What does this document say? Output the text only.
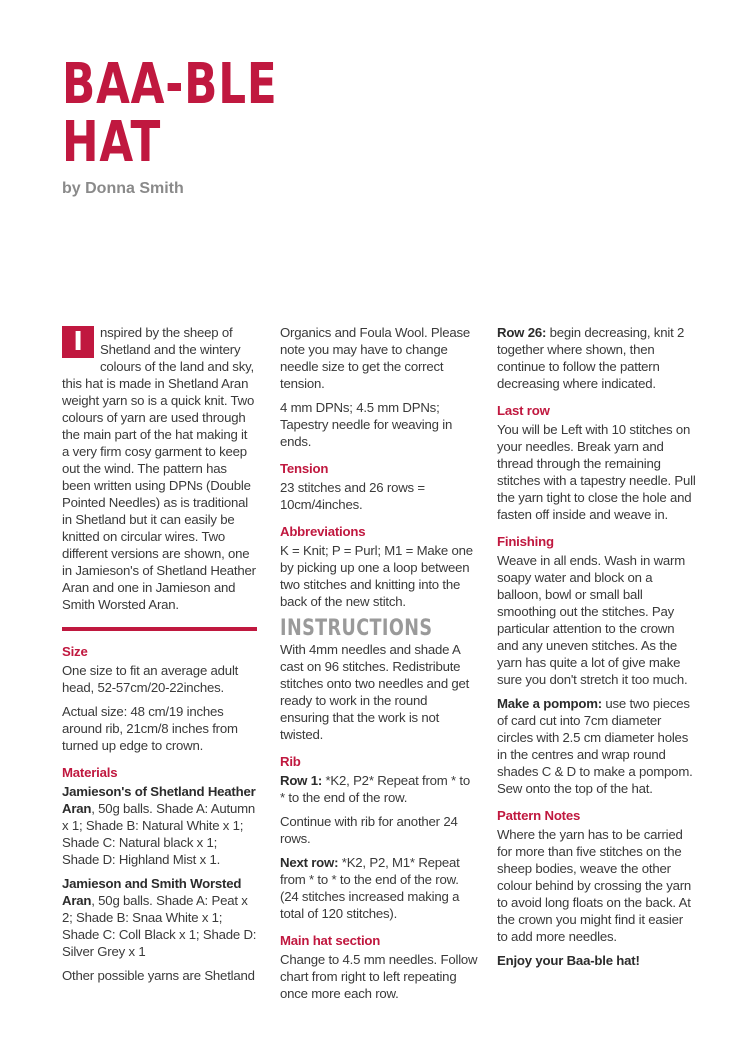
BAA-BLE
HAT
by Donna Smith

I	nspired by the sheep of Shetland and the wintery colours of the land and sky, this hat is made in Shetland Aran weight yarn so is a quick knit. Two colours of yarn are used through the main part of the hat making it a very firm cosy garment to keep out the wind. The pattern has been written using DPNs (Double Pointed Needles) as is traditional in Shetland but it can easily be knitted on circular wires. Two different versions are shown, one in Jamieson's of Shetland Heather Aran and one in Jamieson and Smith Worsted Aran.

Size

One size to fit an average adult head, 52-57cm/20-22inches.

Actual size: 48 cm/19 inches around rib, 21cm/8 inches from turned up edge to crown.

Materials

Jamieson's of Shetland Heather Aran, 50g balls. Shade A: Autumn x 1; Shade B: Natural White x 1; Shade C: Natural black x 1; Shade D: Highland Mist x 1.

Jamieson and Smith Worsted Aran, 50g balls. Shade A: Peat x 2; Shade B: Snaa White x 1; Shade C: Coll Black x 1; Shade D: Silver Grey x 1

Other possible yarns are Shetland

Organics and Foula Wool. Please note you may have to change needle size to get the correct tension.

4 mm DPNs; 4.5 mm DPNs; Tapestry needle for weaving in ends.

Tension

23 stitches and 26 rows = 10cm/4inches.

Abbreviations

K = Knit; P = Purl; M1 = Make one by picking up one a loop between two stitches and knitting into the back of the new stitch.

INSTRUCTIONS

With 4mm needles and shade A cast on 96 stitches. Redistribute stitches onto two needles and get ready to work in the round ensuring that the work is not twisted.

Rib

Row 1: *K2, P2* Repeat from * to * to the end of the row.

Continue with rib for another 24 rows.

Next row: *K2, P2, M1* Repeat from * to * to the end of the row. (24 stitches increased making a total of 120 stitches).

Main hat section

Change to 4.5 mm needles. Follow chart from right to left repeating once more each row.

Row 26: begin decreasing, knit 2 together where shown, then continue to follow the pattern decreasing where indicated.

Last row

You will be Left with 10 stitches on your needles. Break yarn and thread through the remaining stitches with a tapestry needle. Pull the yarn tight to close the hole and fasten off inside and weave in.

Finishing

Weave in all ends. Wash in warm soapy water and block on a balloon, bowl or small ball smoothing out the stitches. Pay particular attention to the crown and any uneven stitches. As the yarn has quite a lot of give make sure you don't stretch it too much.

Make a pompom: use two pieces of card cut into 7cm diameter circles with 2.5 cm diameter holes in the centres and wrap round shades C & D to make a pompom. Sew onto the top of the hat.

Pattern Notes

Where the yarn has to be carried for more than five stitches on the sheep bodies, weave the other colour behind by crossing the yarn to avoid long floats on the back. At the crown you might find it easier to add more needles.

Enjoy your Baa-ble hat!
